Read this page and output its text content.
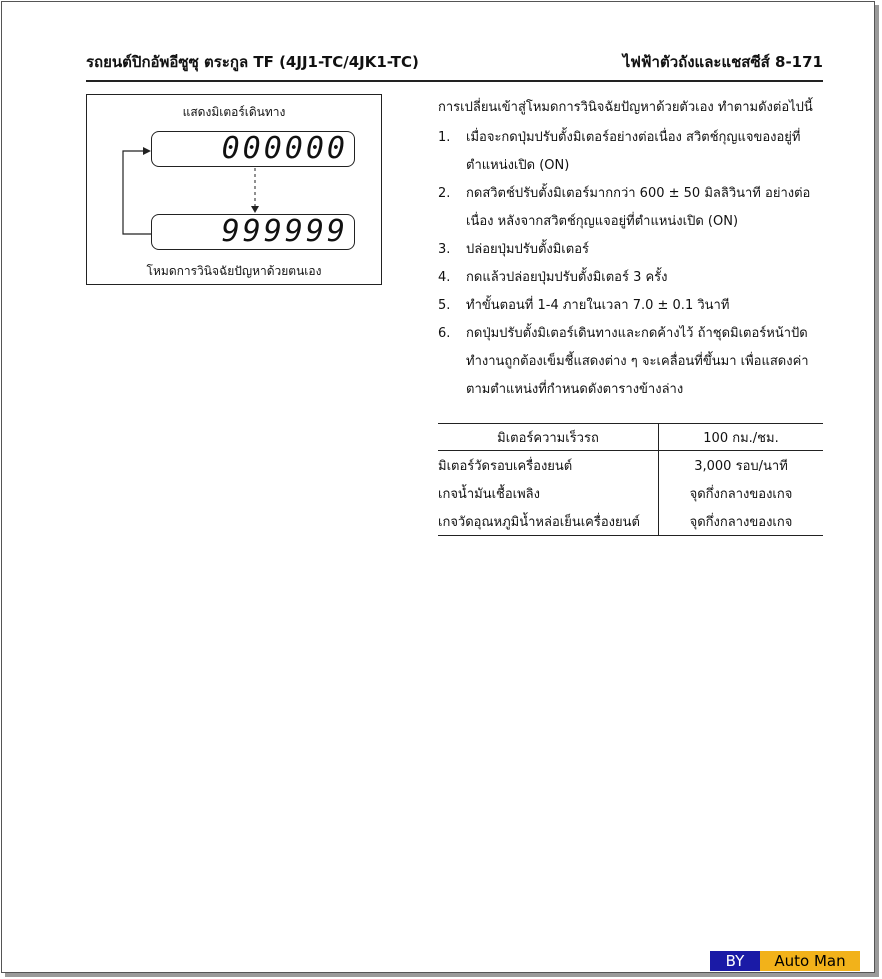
รถยนต์ปิกอัพอีซูซุ ตระกูล TF (4JJ1-TC/4JK1-TC)	ไฟฟ้าตัวถังและแชสซีส์ 8-171
แสดงมิเตอร์เดินทาง
000000
999999
โหมดการวินิจฉัยปัญหาด้วยตนเอง
การเปลี่ยนเข้าสู่โหมดการวินิจฉัยปัญหาด้วยตัวเอง ทำตามดังต่อไปนี้
1.	เมื่อจะกดปุ่มปรับตั้งมิเตอร์อย่างต่อเนื่อง สวิตช์กุญแจของอยู่ที่ตำแหน่งเปิด (ON)
2.	กดสวิตช์ปรับตั้งมิเตอร์มากกว่า 600 ± 50 มิลลิวินาที อย่างต่อเนื่อง หลังจากสวิตช์กุญแจอยู่ที่ตำแหน่งเปิด (ON)
3.	ปล่อยปุ่มปรับตั้งมิเตอร์
4.	กดแล้วปล่อยปุ่มปรับตั้งมิเตอร์ 3 ครั้ง
5.	ทำขั้นตอนที่ 1-4 ภายในเวลา 7.0 ± 0.1 วินาที
6.	กดปุ่มปรับตั้งมิเตอร์เดินทางและกดค้างไว้ ถ้าชุดมิเตอร์หน้าปัดทำงานถูกต้องเข็มชี้แสดงต่าง ๆ จะเคลื่อนที่ขึ้นมา เพื่อแสดงค่าตามตำแหน่งที่กำหนดดังตารางข้างล่าง
มิเตอร์ความเร็วรถ	100 กม./ชม.
มิเตอร์วัดรอบเครื่องยนต์	3,000 รอบ/นาที
เกจน้ำมันเชื้อเพลิง	จุดกึ่งกลางของเกจ
เกจวัดอุณหภูมิน้ำหล่อเย็นเครื่องยนต์	จุดกึ่งกลางของเกจ
BY	Auto Man
